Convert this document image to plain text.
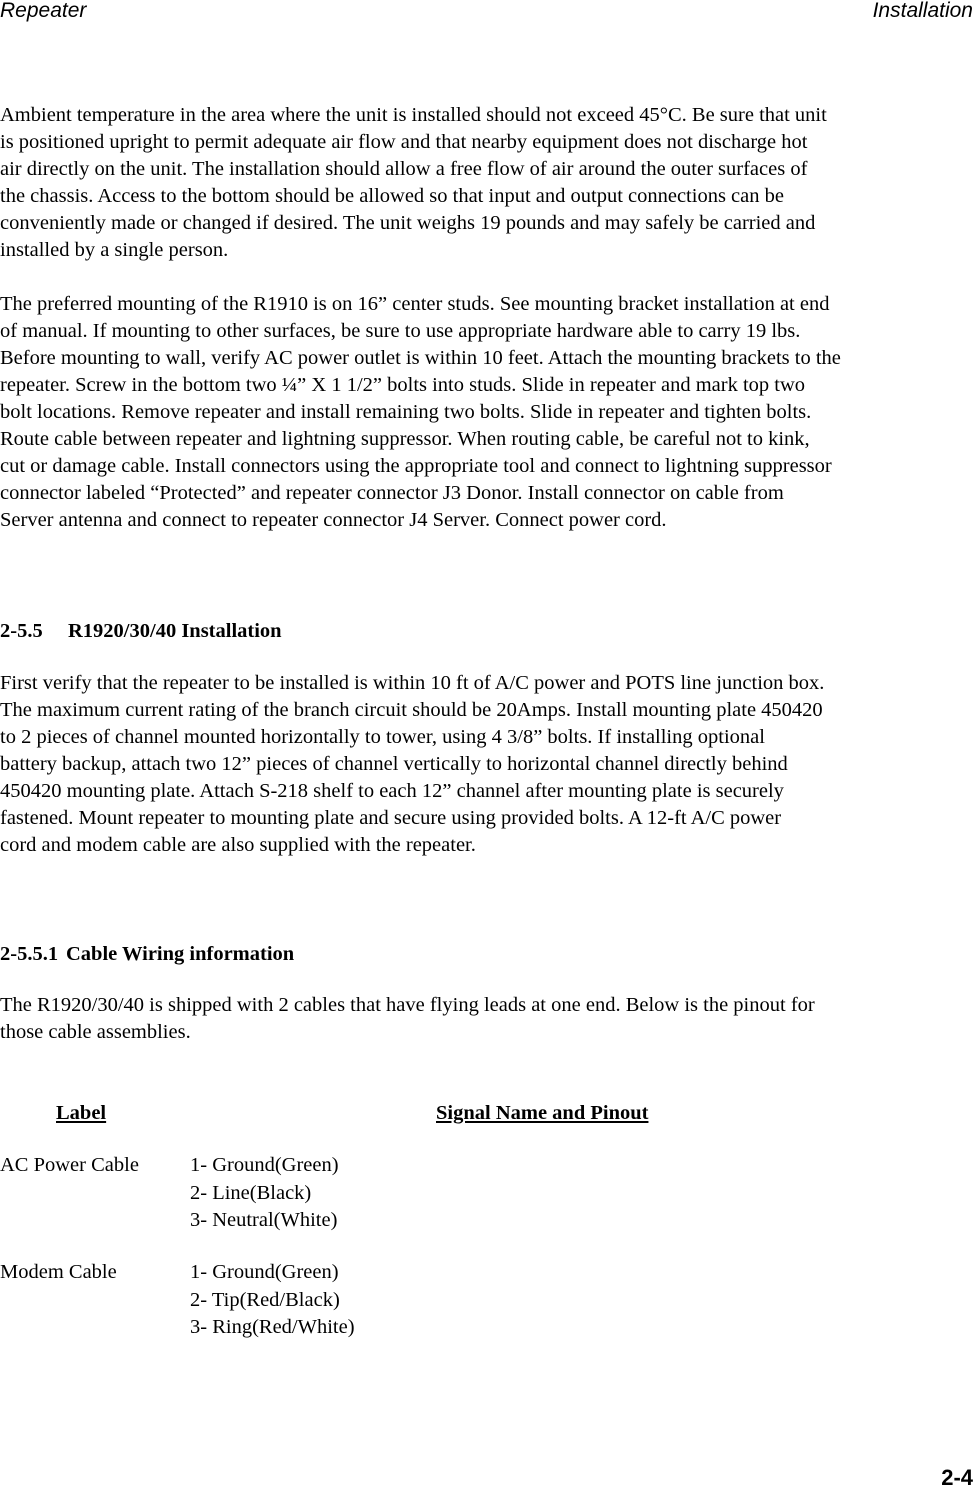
Repeater	Installation

Ambient temperature in the area where the unit is installed should not exceed 45°C. Be sure that unit
is positioned upright to permit adequate air flow and that nearby equipment does not discharge hot
air directly on the unit. The installation should allow a free flow of air around the outer surfaces of
the chassis. Access to the bottom should be allowed so that input and output connections can be
conveniently made or changed if desired. The unit weighs 19 pounds and may safely be carried and
installed by a single person.

The preferred mounting of the R1910 is on 16” center studs. See mounting bracket installation at end
of manual. If mounting to other surfaces, be sure to use appropriate hardware able to carry 19 lbs.
Before mounting to wall, verify AC power outlet is within 10 feet. Attach the mounting brackets to the
repeater. Screw in the bottom two ¼” X 1 1/2” bolts into studs. Slide in repeater and mark top two
bolt locations. Remove repeater and install remaining two bolts. Slide in repeater and tighten bolts.
Route cable between repeater and lightning suppressor. When routing cable, be careful not to kink,
cut or damage cable. Install connectors using the appropriate tool and connect to lightning suppressor
connector labeled “Protected” and repeater connector J3 Donor. Install connector on cable from
Server antenna and connect to repeater connector J4 Server. Connect power cord.

2-5.5 R1920/30/40 Installation

First verify that the repeater to be installed is within 10 ft of A/C power and POTS line junction box.
The maximum current rating of the branch circuit should be 20Amps. Install mounting plate 450420
to 2 pieces of channel mounted horizontally to tower, using 4 3/8” bolts. If installing optional
battery backup, attach two 12” pieces of channel vertically to horizontal channel directly behind
450420 mounting plate. Attach S-218 shelf to each 12” channel after mounting plate is securely
fastened. Mount repeater to mounting plate and secure using provided bolts. A 12-ft A/C power
cord and modem cable are also supplied with the repeater.

2-5.5.1 Cable Wiring information

The R1920/30/40 is shipped with 2 cables that have flying leads at one end. Below is the pinout for
those cable assemblies.

Label	Signal Name and Pinout
AC Power Cable 1- Ground(Green)
2- Line(Black)
3- Neutral(White)
Modem Cable	1- Ground(Green)
2- Tip(Red/Black)
3- Ring(Red/White)
2-4
